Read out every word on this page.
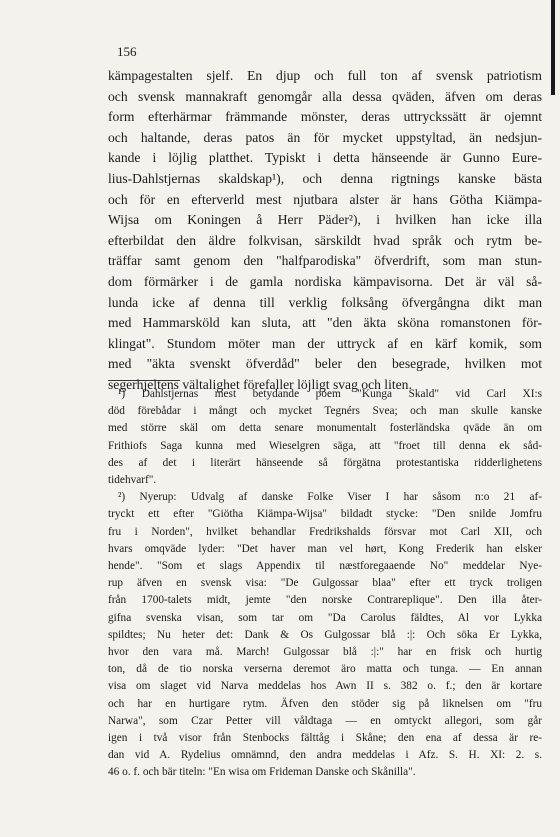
156
kämpagestalten sjelf. En djup och full ton af svensk patriotism
och svensk mannakraft genomgår alla dessa qväden, äfven om deras
form efterhärmar främmande mönster, deras uttryckssätt är ojemnt
och haltande, deras patos än för mycket uppstyltad, än nedsjun-
kande i löjlig platthet. Typiskt i detta hänseende är Gunno Eure-
lius-Dahlstjernas skaldskap¹), och denna rigtnings kanske bästa
och för en efterverld mest njutbara alster är hans Götha Kiämpa-
Wijsa om Koningen å Herr Päder²), i hvilken han icke illa
efterbildat den äldre folkvisan, särskildt hvad språk och rytm be-
träffar samt genom den "halfparodiska" öfverdrift, som man stun-
dom förmärker i de gamla nordiska kämpavisorna. Det är väl så-
lunda icke af denna till verklig folksång öfvergångna dikt man
med Hammarsköld kan sluta, att "den äkta sköna romanstonen för-
klingat". Stundom möter man der uttryck af en kärf komik, som
med "äkta svenskt öfverdåd" beler den besegrade, hvilken mot
segerhjeltens vältalighet förefaller löjligt svag och liten.
¹) Dahlstjernas mest betydande poem "Kunga Skald" vid Carl XI:s
död förebådar i mångt och mycket Tegnérs Svea; och man skulle kanske
med större skäl om detta senare monumentalt fosterländska qväde än om
Frithiofs Saga kunna med Wieselgren säga, att "froet till denna ek såd-
des af det i literärt hänseende så förgätna protestantiska ridderlighetens
tidehvarf".
²) Nyerup: Udvalg af danske Folke Viser I har såsom n:o 21 af-
tryckt ett efter "Giötha Kiämpa-Wijsa" bildadt stycke: "Den snilde Jomfru
fru i Norden", hvilket behandlar Fredrikshalds försvar mot Carl XII, och
hvars omqväde lyder: "Det haver man vel hørt, Kong Frederik han elsker
hende". "Som et slags Appendix til næstforegaaende No" meddelar Nye-
rup äfven en svensk visa: "De Gulgossar blaa" efter ett tryck troligen
från 1700-talets midt, jemte "den norske Contrareplique". Den illa åter-
gifna svenska visan, som tar om "Da Carolus fäldtes, Al vor Lykka
spildtes; Nu heter det: Dank & Os Gulgossar blå :|: Och söka Er Lykka,
hvor den vara må. March! Gulgossar blå :|:" har en frisk och hurtig
ton, då de tio norska verserna deremot äro matta och tunga. — En annan
visa om slaget vid Narva meddelas hos Awn II s. 382 o. f.; den är kortare
och har en hurtigare rytm. Äfven den stöder sig på liknelsen om "fru
Narwa", som Czar Petter vill våldtaga — en omtyckt allegori, som går
igen i två visor från Stenbocks fälttåg i Skåne; den ena af dessa är re-
dan vid A. Rydelius omnämnd, den andra meddelas i Afz. S. H. XI: 2. s.
46 o. f. och bär titeln: "En wisa om Frideman Danske och Skånilla".
